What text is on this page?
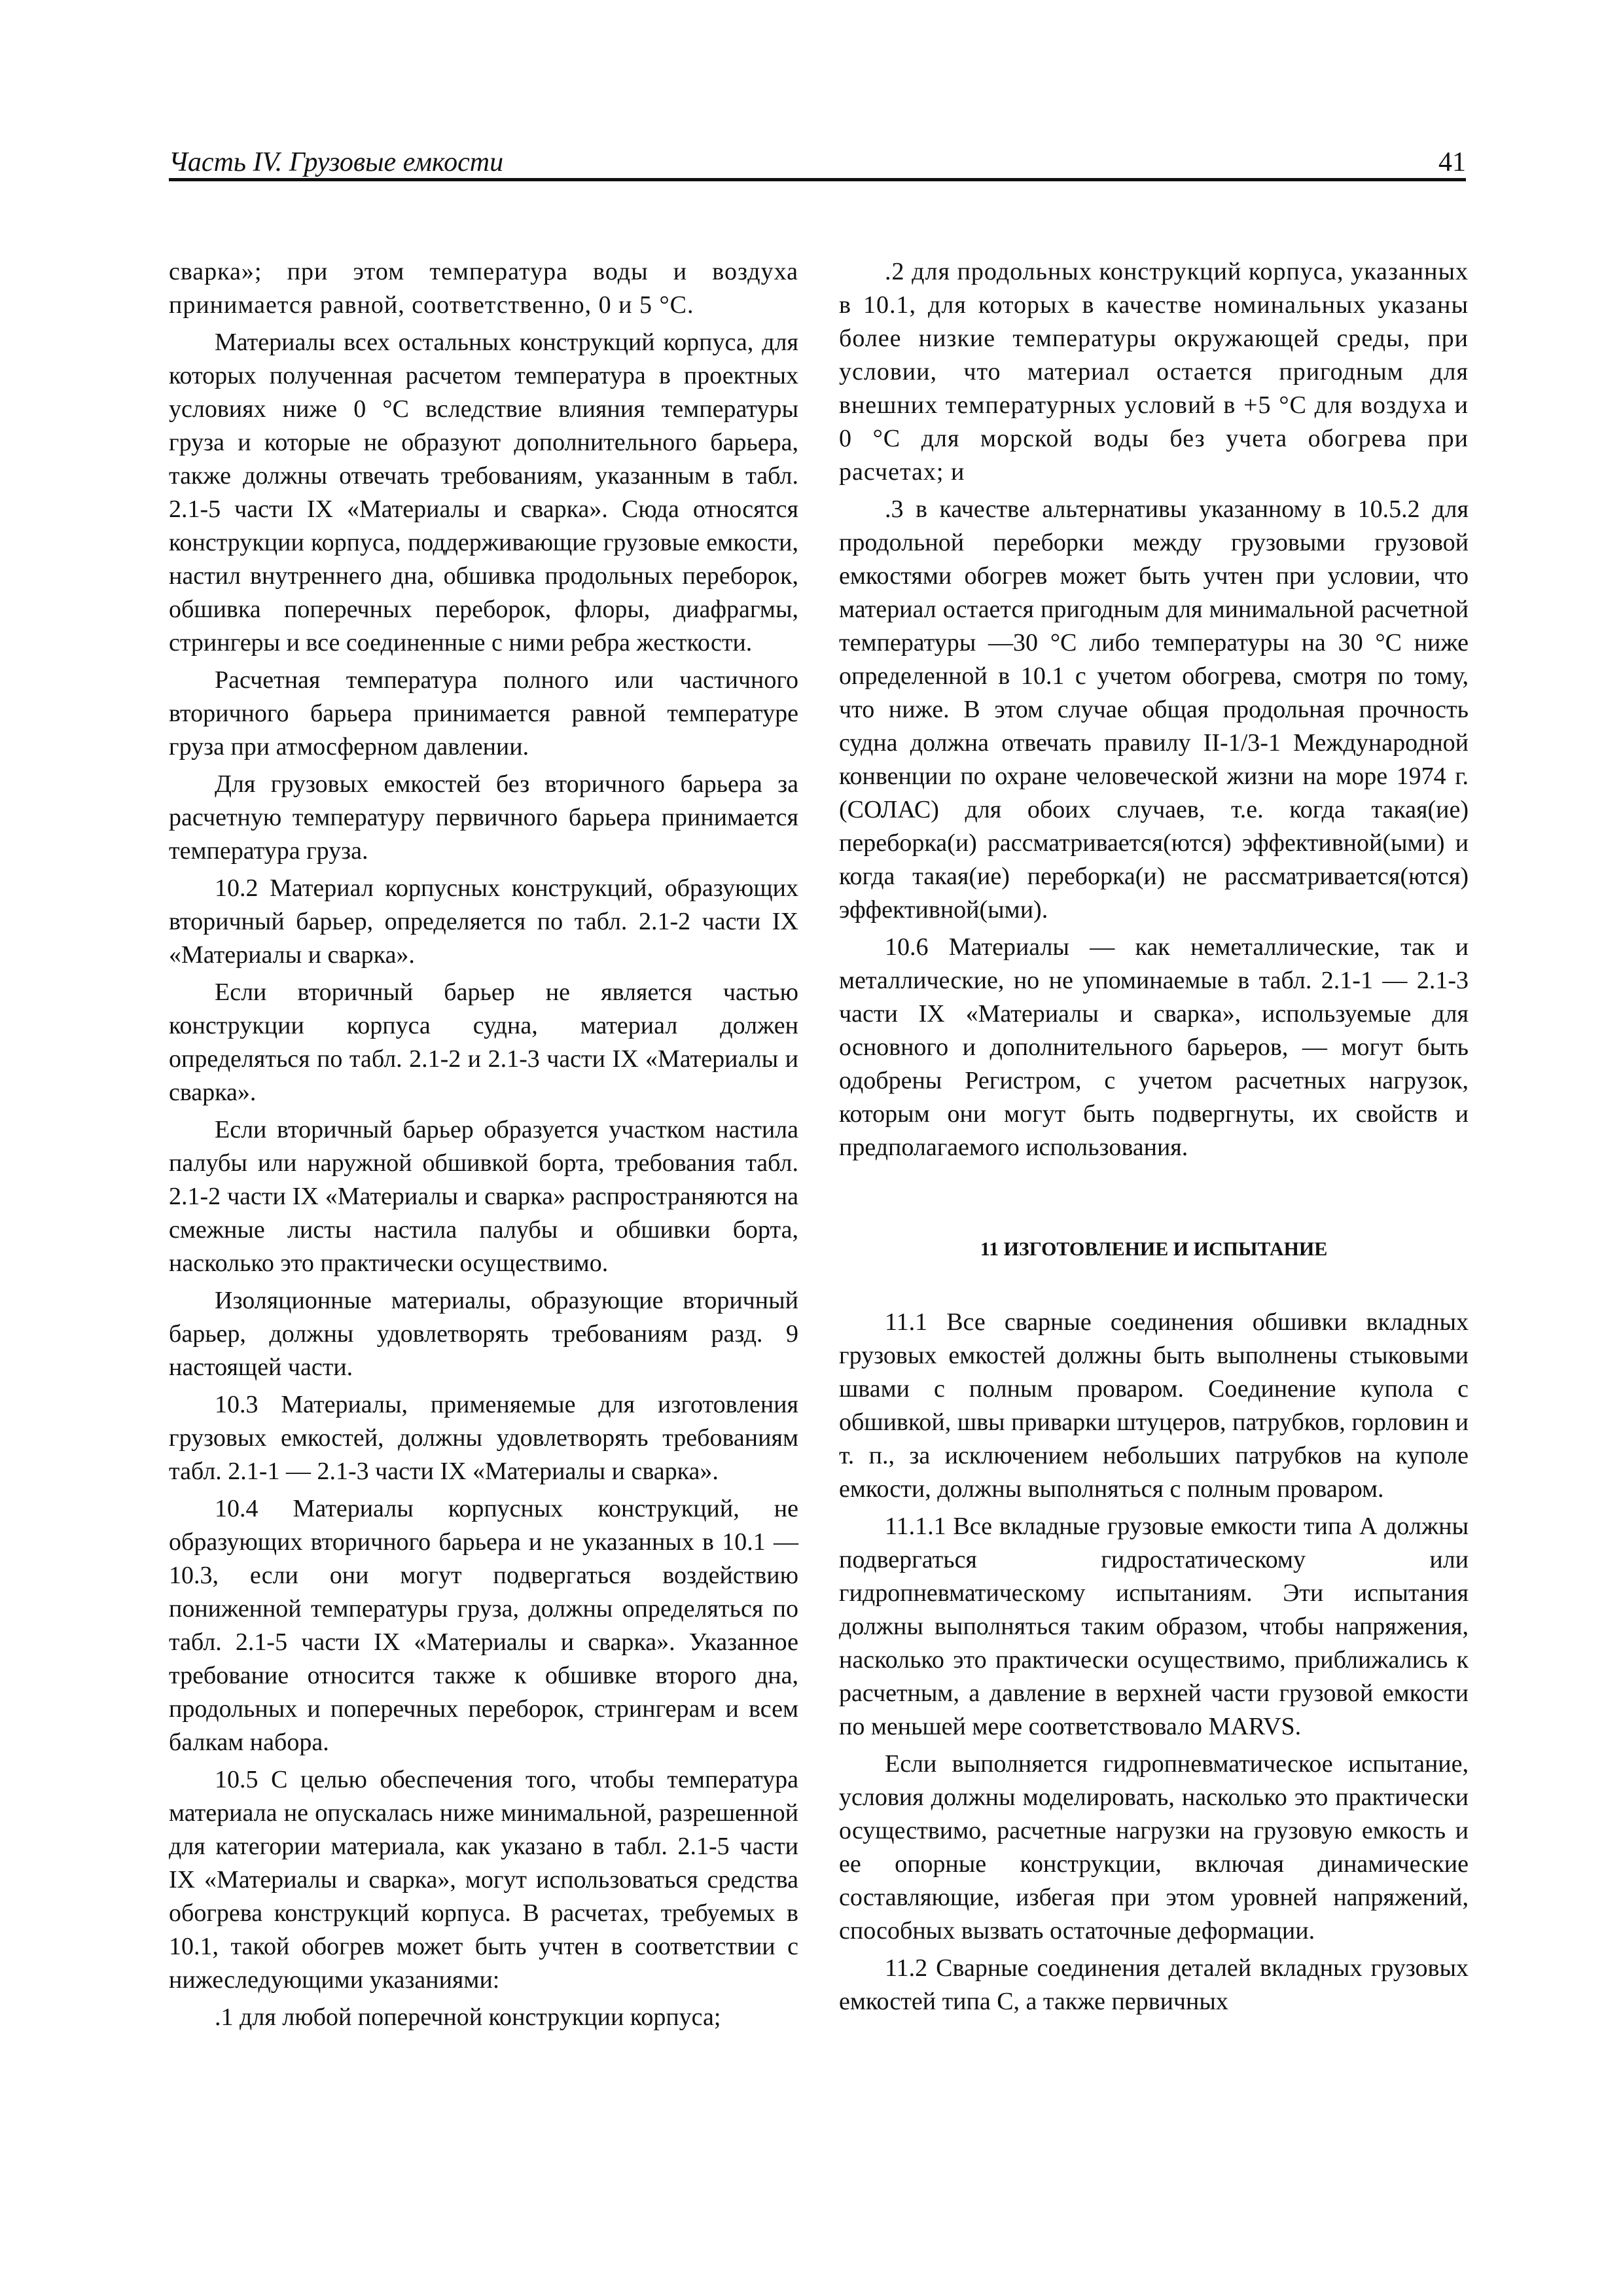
Часть IV. Грузовые емкости	41

сварка»; при этом температура воды и воздуха принимается равной, соответственно, 0 и 5 °С.

Материалы всех остальных конструкций корпуса, для которых полученная расчетом температура в проектных условиях ниже 0 °С вследствие влияния температуры груза и которые не образуют дополнительного барьера, также должны отвечать требованиям, указанным в табл. 2.1-5 части IX «Материалы и сварка». Сюда относятся конструкции корпуса, поддерживающие грузовые емкости, настил внутреннего дна, обшивка продольных переборок, обшивка поперечных переборок, флоры, диафрагмы, стрингеры и все соединенные с ними ребра жесткости.

Расчетная температура полного или частичного вторичного барьера принимается равной температуре груза при атмосферном давлении.

Для грузовых емкостей без вторичного барьера за расчетную температуру первичного барьера принимается температура груза.

10.2 Материал корпусных конструкций, образующих вторичный барьер, определяется по табл. 2.1-2 части IX «Материалы и сварка».

Если вторичный барьер не является частью конструкции корпуса судна, материал должен определяться по табл. 2.1-2 и 2.1-3 части IX «Материалы и сварка».

Если вторичный барьер образуется участком настила палубы или наружной обшивкой борта, требования табл. 2.1-2 части IX «Материалы и сварка» распространяются на смежные листы настила палубы и обшивки борта, насколько это практически осуществимо.

Изоляционные материалы, образующие вторичный барьер, должны удовлетворять требованиям разд. 9 настоящей части.

10.3 Материалы, применяемые для изготовления грузовых емкостей, должны удовлетворять требованиям табл. 2.1-1 — 2.1-3 части IX «Материалы и сварка».

10.4 Материалы корпусных конструкций, не образующих вторичного барьера и не указанных в 10.1 — 10.3, если они могут подвергаться воздействию пониженной температуры груза, должны определяться по табл. 2.1-5 части IX «Материалы и сварка». Указанное требование относится также к обшивке второго дна, продольных и поперечных переборок, стрингерам и всем балкам набора.

10.5 С целью обеспечения того, чтобы температура материала не опускалась ниже минимальной, разрешенной для категории материала, как указано в табл. 2.1-5 части IX «Материалы и сварка», могут использоваться средства обогрева конструкций корпуса. В расчетах, требуемых в 10.1, такой обогрев может быть учтен в соответствии с нижеследующими указаниями:

.1 для любой поперечной конструкции корпуса;

.2 для продольных конструкций корпуса, указанных в 10.1, для которых в качестве номинальных указаны более низкие температуры окружающей среды, при условии, что материал остается пригодным для внешних температурных условий в +5 °С для воздуха и 0 °С для морской воды без учета обогрева при расчетах; и

.3 в качестве альтернативы указанному в 10.5.2 для продольной переборки между грузовыми грузовой емкостями обогрев может быть учтен при условии, что материал остается пригодным для минимальной расчетной температуры —30 °С либо температуры на 30 °С ниже определенной в 10.1 с учетом обогрева, смотря по тому, что ниже. В этом случае общая продольная прочность судна должна отвечать правилу II-1/3-1 Международной конвенции по охране человеческой жизни на море 1974 г. (СОЛАС) для обоих случаев, т.е. когда такая(ие) переборка(и) рассматривается(ются) эффективной(ыми) и когда такая(ие) переборка(и) не рассматривается(ются) эффективной(ыми).

10.6 Материалы — как неметаллические, так и металлические, но не упоминаемые в табл. 2.1-1 — 2.1-3 части IX «Материалы и сварка», используемые для основного и дополнительного барьеров, — могут быть одобрены Регистром, с учетом расчетных нагрузок, которым они могут быть подвергнуты, их свойств и предполагаемого использования.

11 ИЗГОТОВЛЕНИЕ И ИСПЫТАНИЕ

11.1 Все сварные соединения обшивки вкладных грузовых емкостей должны быть выполнены стыковыми швами с полным проваром. Соединение купола с обшивкой, швы приварки штуцеров, патрубков, горловин и т. п., за исключением небольших патрубков на куполе емкости, должны выполняться с полным проваром.

11.1.1 Все вкладные грузовые емкости типа А должны подвергаться гидростатическому или гидропневматическому испытаниям. Эти испытания должны выполняться таким образом, чтобы напряжения, насколько это практически осуществимо, приближались к расчетным, а давление в верхней части грузовой емкости по меньшей мере соответствовало MARVS.

Если выполняется гидропневматическое испытание, условия должны моделировать, насколько это практически осуществимо, расчетные нагрузки на грузовую емкость и ее опорные конструкции, включая динамические составляющие, избегая при этом уровней напряжений, способных вызвать остаточные деформации.

11.2 Сварные соединения деталей вкладных грузовых емкостей типа С, а также первичных
